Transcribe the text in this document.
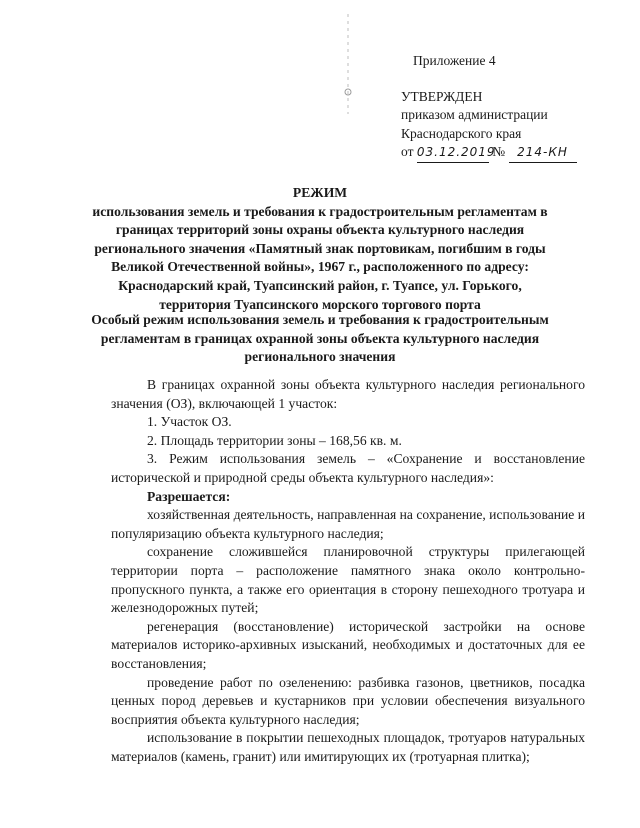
Приложение 4
УТВЕРЖДЕН
приказом администрации
Краснодарского края
от 03.12.2019 № 214-КН
РЕЖИМ
использования земель и требования к градостроительным регламентам в
границах территорий зоны охраны объекта культурного наследия
регионального значения «Памятный знак портовикам, погибшим в годы
Великой Отечественной войны», 1967 г., расположенного по адресу:
Краснодарский край, Туапсинский район, г. Туапсе, ул. Горького,
территория Туапсинского морского торгового порта
Особый режим использования земель и требования к градостроительным
регламентам в границах охранной зоны объекта культурного наследия
регионального значения

В границах охранной зоны объекта культурного наследия регионального значения (ОЗ), включающей 1 участок:

1. Участок ОЗ.

2. Площадь территории зоны – 168,56 кв. м.

3. Режим использования земель – «Сохранение и восстановление исторической и природной среды объекта культурного наследия»:

Разрешается:

хозяйственная деятельность, направленная на сохранение, использование и популяризацию объекта культурного наследия;

сохранение сложившейся планировочной структуры прилегающей территории порта – расположение памятного знака около контрольно-пропускного пункта, а также его ориентация в сторону пешеходного тротуара и железнодорожных путей;

регенерация (восстановление) исторической застройки на основе материалов историко-архивных изысканий, необходимых и достаточных для ее восстановления;

проведение работ по озеленению: разбивка газонов, цветников, посадка ценных пород деревьев и кустарников при условии обеспечения визуального восприятия объекта культурного наследия;

использование в покрытии пешеходных площадок, тротуаров натуральных материалов (камень, гранит) или имитирующих их (тротуарная плитка);
